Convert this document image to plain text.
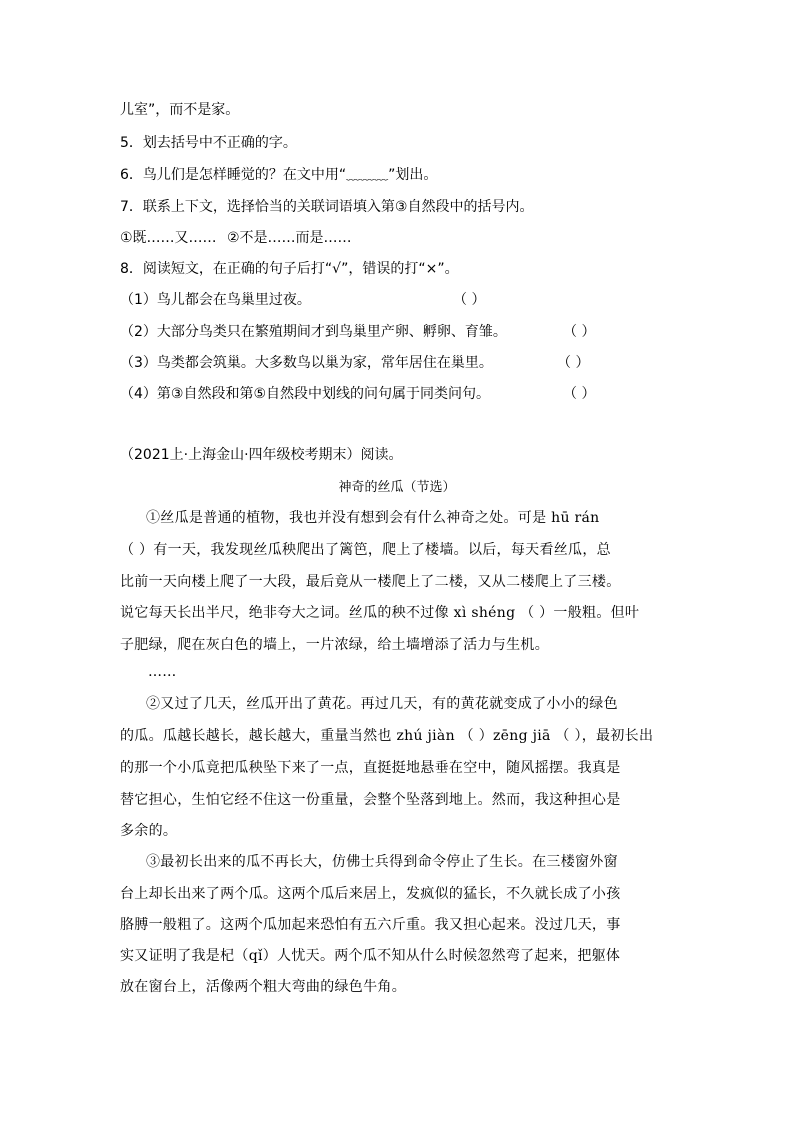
儿室”，而不是家。
5．划去括号中不正确的字。
6．鸟儿们是怎样睡觉的？在文中用“﹏﹏﹏”划出。
7．联系上下文，选择恰当的关联词语填入第③自然段中的括号内。
①既……又…… ②不是……而是……
8．阅读短文，在正确的句子后打“√”，错误的打“×”。
（1）鸟儿都会在鸟巢里过夜。	（ ）
（2）大部分鸟类只在繁殖期间才到鸟巢里产卵、孵卵、育雏。	（ ）
（3）鸟类都会筑巢。大多数鸟以巢为家，常年居住在巢里。	（ ）
（4）第③自然段和第⑤自然段中划线的问句属于同类问句。	（ ）
（2021上·上海金山·四年级校考期末）阅读。
神奇的丝瓜（节选）
①丝瓜是普通的植物，我也并没有想到会有什么神奇之处。可是 hū rán
（ ）有一天，我发现丝瓜秧爬出了篱笆，爬上了楼墙。以后，每天看丝瓜，总
比前一天向楼上爬了一大段，最后竟从一楼爬上了二楼，又从二楼爬上了三楼。
说它每天长出半尺，绝非夸大之词。丝瓜的秧不过像 xì shéng （ ）一般粗。但叶
子肥绿，爬在灰白色的墙上，一片浓绿，给土墙增添了活力与生机。
……
②又过了几天，丝瓜开出了黄花。再过几天，有的黄花就变成了小小的绿色
的瓜。瓜越长越长，越长越大，重量当然也 zhú jiàn （ ）zēng jiā （ ），最初长出
的那一个小瓜竟把瓜秧坠下来了一点，直挺挺地悬垂在空中，随风摇摆。我真是
替它担心，生怕它经不住这一份重量，会整个坠落到地上。然而，我这种担心是
多余的。
③最初长出来的瓜不再长大，仿佛士兵得到命令停止了生长。在三楼窗外窗
台上却长出来了两个瓜。这两个瓜后来居上，发疯似的猛长，不久就长成了小孩
胳膊一般粗了。这两个瓜加起来恐怕有五六斤重。我又担心起来。没过几天，事
实又证明了我是杞（qǐ）人忧天。两个瓜不知从什么时候忽然弯了起来，把躯体
放在窗台上，活像两个粗大弯曲的绿色牛角。
